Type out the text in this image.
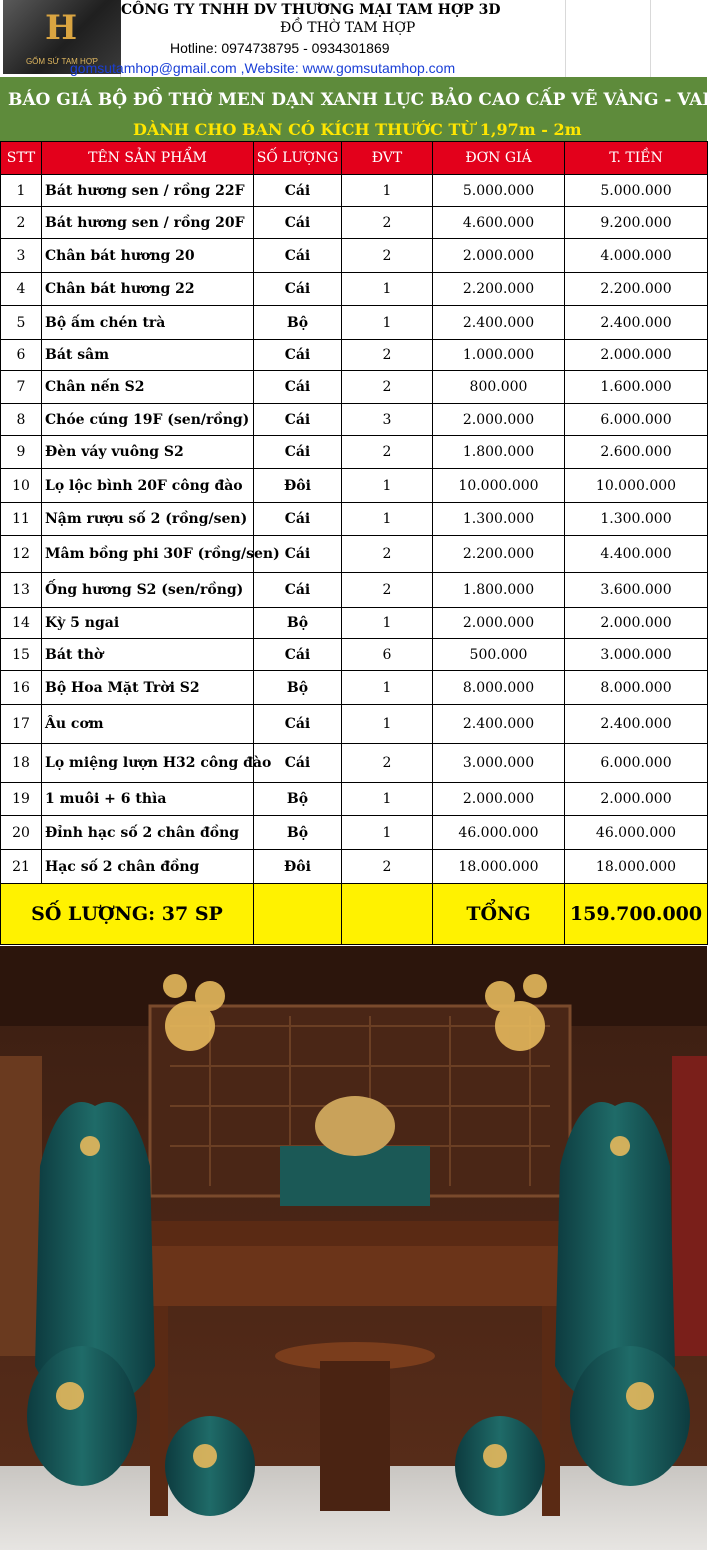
H
GỐM SỨ TAM HỢP
CÔNG TY TNHH DV THƯƠNG MẠI TAM HỢP 3D
ĐỒ THỜ TAM HỢP
Hotline: 0974738795 - 0934301869
gomsutamhop@gmail.com ,Website: www.gomsutamhop.com
BÁO GIÁ BỘ ĐỒ THỜ MEN DẠN XANH LỤC BẢO CAO CẤP VẼ VÀNG - VAL
DÀNH CHO BAN CÓ KÍCH THƯỚC TỪ 1,97m - 2m
STT	TÊN SẢN PHẨM	SỐ LƯỢNG	ĐVT	ĐƠN GIÁ	T. TIỀN
1	Bát hương sen / rồng 22F	Cái	1	5.000.000	5.000.000
2	Bát hương sen / rồng 20F	Cái	2	4.600.000	9.200.000
3	Chân bát hương 20	Cái	2	2.000.000	4.000.000
4	Chân bát hương 22	Cái	1	2.200.000	2.200.000
5	Bộ ấm chén trà	Bộ	1	2.400.000	2.400.000
6	Bát sâm	Cái	2	1.000.000	2.000.000
7	Chân nến S2	Cái	2	800.000	1.600.000
8	Chóe cúng 19F (sen/rồng)	Cái	3	2.000.000	6.000.000
9	Đèn váy vuông S2	Cái	2	1.800.000	2.600.000
10	Lọ lộc bình 20F công đào	Đôi	1	10.000.000	10.000.000
11	Nậm rượu số 2 (rồng/sen)	Cái	1	1.300.000	1.300.000
12	Mâm bồng phi 30F (rồng/sen)	Cái	2	2.200.000	4.400.000
13	Ống hương S2 (sen/rồng)	Cái	2	1.800.000	3.600.000
14	Kỳ 5 ngai	Bộ	1	2.000.000	2.000.000
15	Bát thờ	Cái	6	500.000	3.000.000
16	Bộ Hoa Mặt Trời S2	Bộ	1	8.000.000	8.000.000
17	Âu cơm	Cái	1	2.400.000	2.400.000
18	Lọ miệng lượn H32 công đào	Cái	2	3.000.000	6.000.000
19	1 muôi + 6 thìa	Bộ	1	2.000.000	2.000.000
20	Đỉnh hạc số 2 chân đồng	Bộ	1	46.000.000	46.000.000
21	Hạc số 2 chân đồng	Đôi	2	18.000.000	18.000.000
SỐ LƯỢNG: 37 SP				TỔNG	159.700.000
